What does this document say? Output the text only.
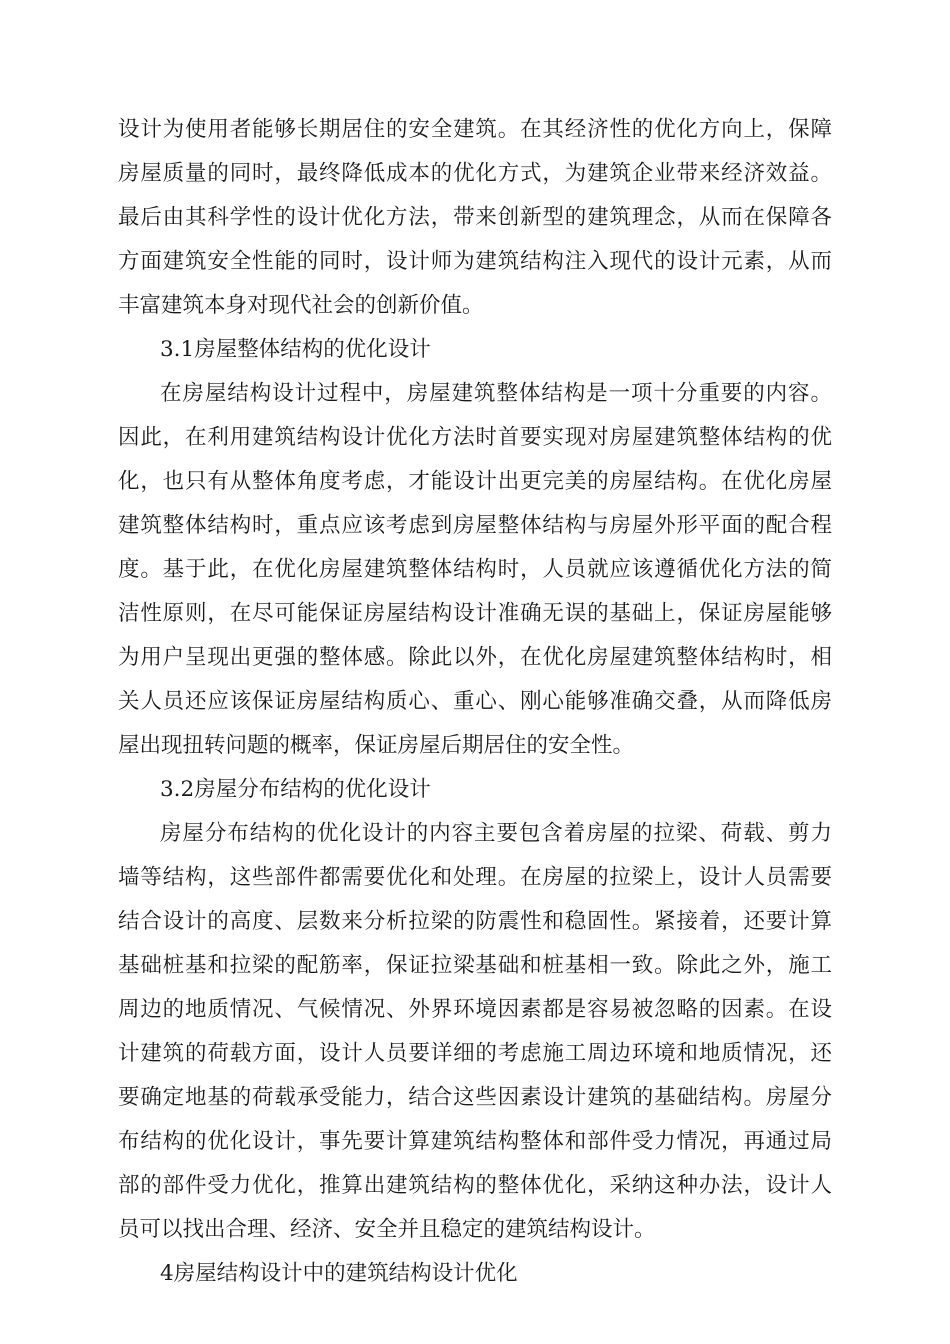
设计为使用者能够长期居住的安全建筑。在其经济性的优化方向上，保障
房屋质量的同时，最终降低成本的优化方式，为建筑企业带来经济效益。
最后由其科学性的设计优化方法，带来创新型的建筑理念，从而在保障各
方面建筑安全性能的同时，设计师为建筑结构注入现代的设计元素，从而
丰富建筑本身对现代社会的创新价值。
3.1房屋整体结构的优化设计
在房屋结构设计过程中，房屋建筑整体结构是一项十分重要的内容。
因此，在利用建筑结构设计优化方法时首要实现对房屋建筑整体结构的优
化，也只有从整体角度考虑，才能设计出更完美的房屋结构。在优化房屋
建筑整体结构时，重点应该考虑到房屋整体结构与房屋外形平面的配合程
度。基于此，在优化房屋建筑整体结构时，人员就应该遵循优化方法的简
洁性原则，在尽可能保证房屋结构设计准确无误的基础上，保证房屋能够
为用户呈现出更强的整体感。除此以外，在优化房屋建筑整体结构时，相
关人员还应该保证房屋结构质心、重心、刚心能够准确交叠，从而降低房
屋出现扭转问题的概率，保证房屋后期居住的安全性。
3.2房屋分布结构的优化设计
房屋分布结构的优化设计的内容主要包含着房屋的拉梁、荷载、剪力
墙等结构，这些部件都需要优化和处理。在房屋的拉梁上，设计人员需要
结合设计的高度、层数来分析拉梁的防震性和稳固性。紧接着，还要计算
基础桩基和拉梁的配筋率，保证拉梁基础和桩基相一致。除此之外，施工
周边的地质情况、气候情况、外界环境因素都是容易被忽略的因素。在设
计建筑的荷载方面，设计人员要详细的考虑施工周边环境和地质情况，还
要确定地基的荷载承受能力，结合这些因素设计建筑的基础结构。房屋分
布结构的优化设计，事先要计算建筑结构整体和部件受力情况，再通过局
部的部件受力优化，推算出建筑结构的整体优化，采纳这种办法，设计人
员可以找出合理、经济、安全并且稳定的建筑结构设计。
4房屋结构设计中的建筑结构设计优化
